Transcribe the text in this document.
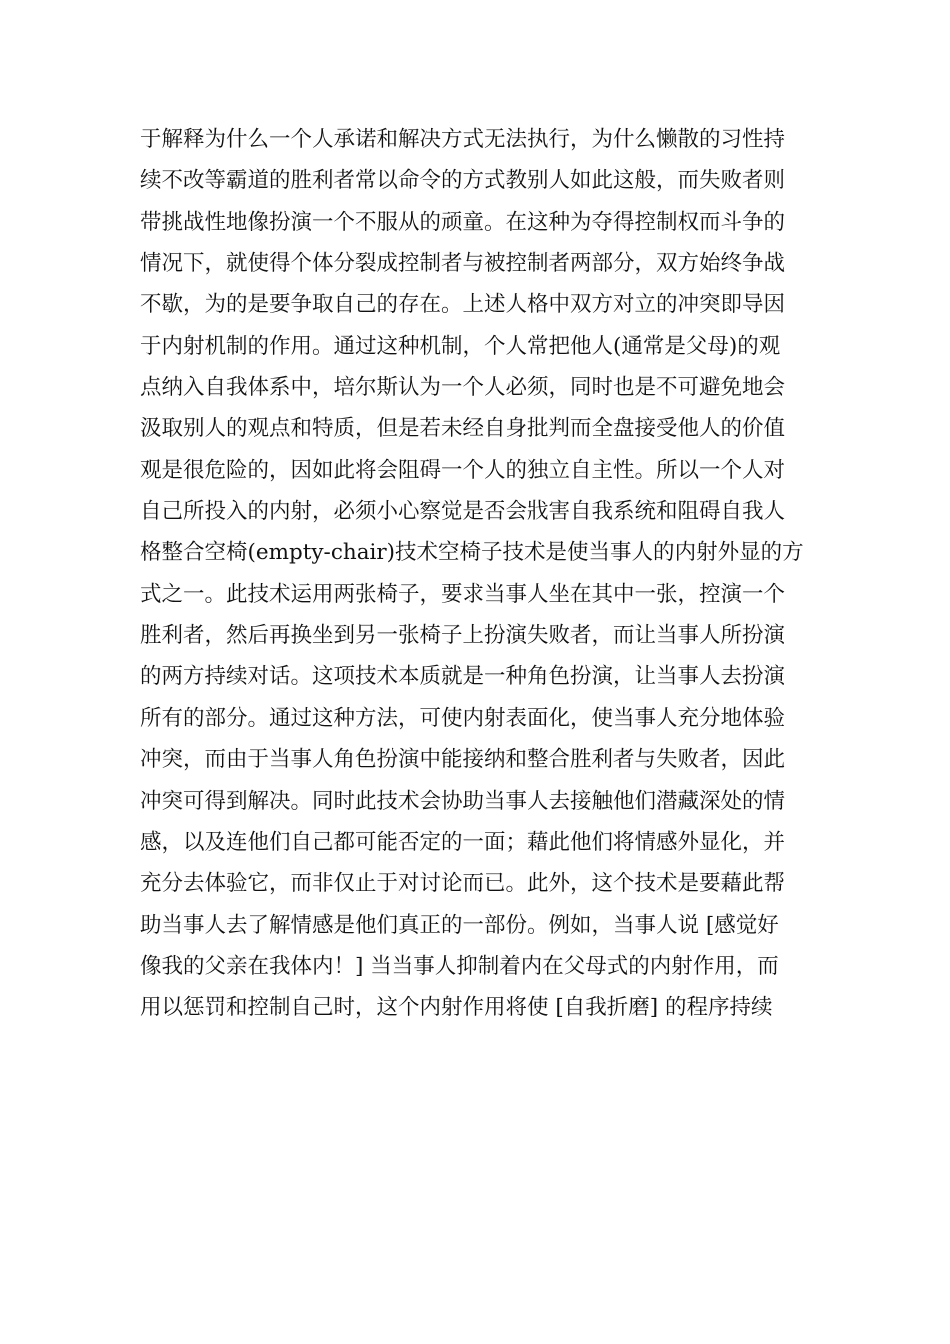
于解释为什么一个人承诺和解决方式无法执行，为什么懒散的习性持
续不改等霸道的胜利者常以命令的方式教别人如此这般，而失败者则
带挑战性地像扮演一个不服从的顽童。在这种为夺得控制权而斗争的
情况下，就使得个体分裂成控制者与被控制者两部分，双方始终争战
不歇，为的是要争取自己的存在。上述人格中双方对立的冲突即导因
于内射机制的作用。通过这种机制，个人常把他人(通常是父母)的观
点纳入自我体系中，培尔斯认为一个人必须，同时也是不可避免地会
汲取别人的观点和特质，但是若未经自身批判而全盘接受他人的价值
观是很危险的，因如此将会阻碍一个人的独立自主性。所以一个人对
自己所投入的内射，必须小心察觉是否会戕害自我系统和阻碍自我人
格整合空椅(empty-chair)技术空椅子技术是使当事人的内射外显的方
式之一。此技术运用两张椅子，要求当事人坐在其中一张，控演一个
胜利者，然后再换坐到另一张椅子上扮演失败者，而让当事人所扮演
的两方持续对话。这项技术本质就是一种角色扮演，让当事人去扮演
所有的部分。通过这种方法，可使内射表面化，使当事人充分地体验
冲突，而由于当事人角色扮演中能接纳和整合胜利者与失败者，因此
冲突可得到解决。同时此技术会协助当事人去接触他们潜藏深处的情
感，以及连他们自己都可能否定的一面；藉此他们将情感外显化，并
充分去体验它，而非仅止于对讨论而已。此外，这个技术是要藉此帮
助当事人去了解情感是他们真正的一部份。例如，当事人说 [感觉好
像我的父亲在我体内！] 当当事人抑制着内在父母式的内射作用，而
用以惩罚和控制自己时，这个内射作用将使 [自我折磨] 的程序持续
